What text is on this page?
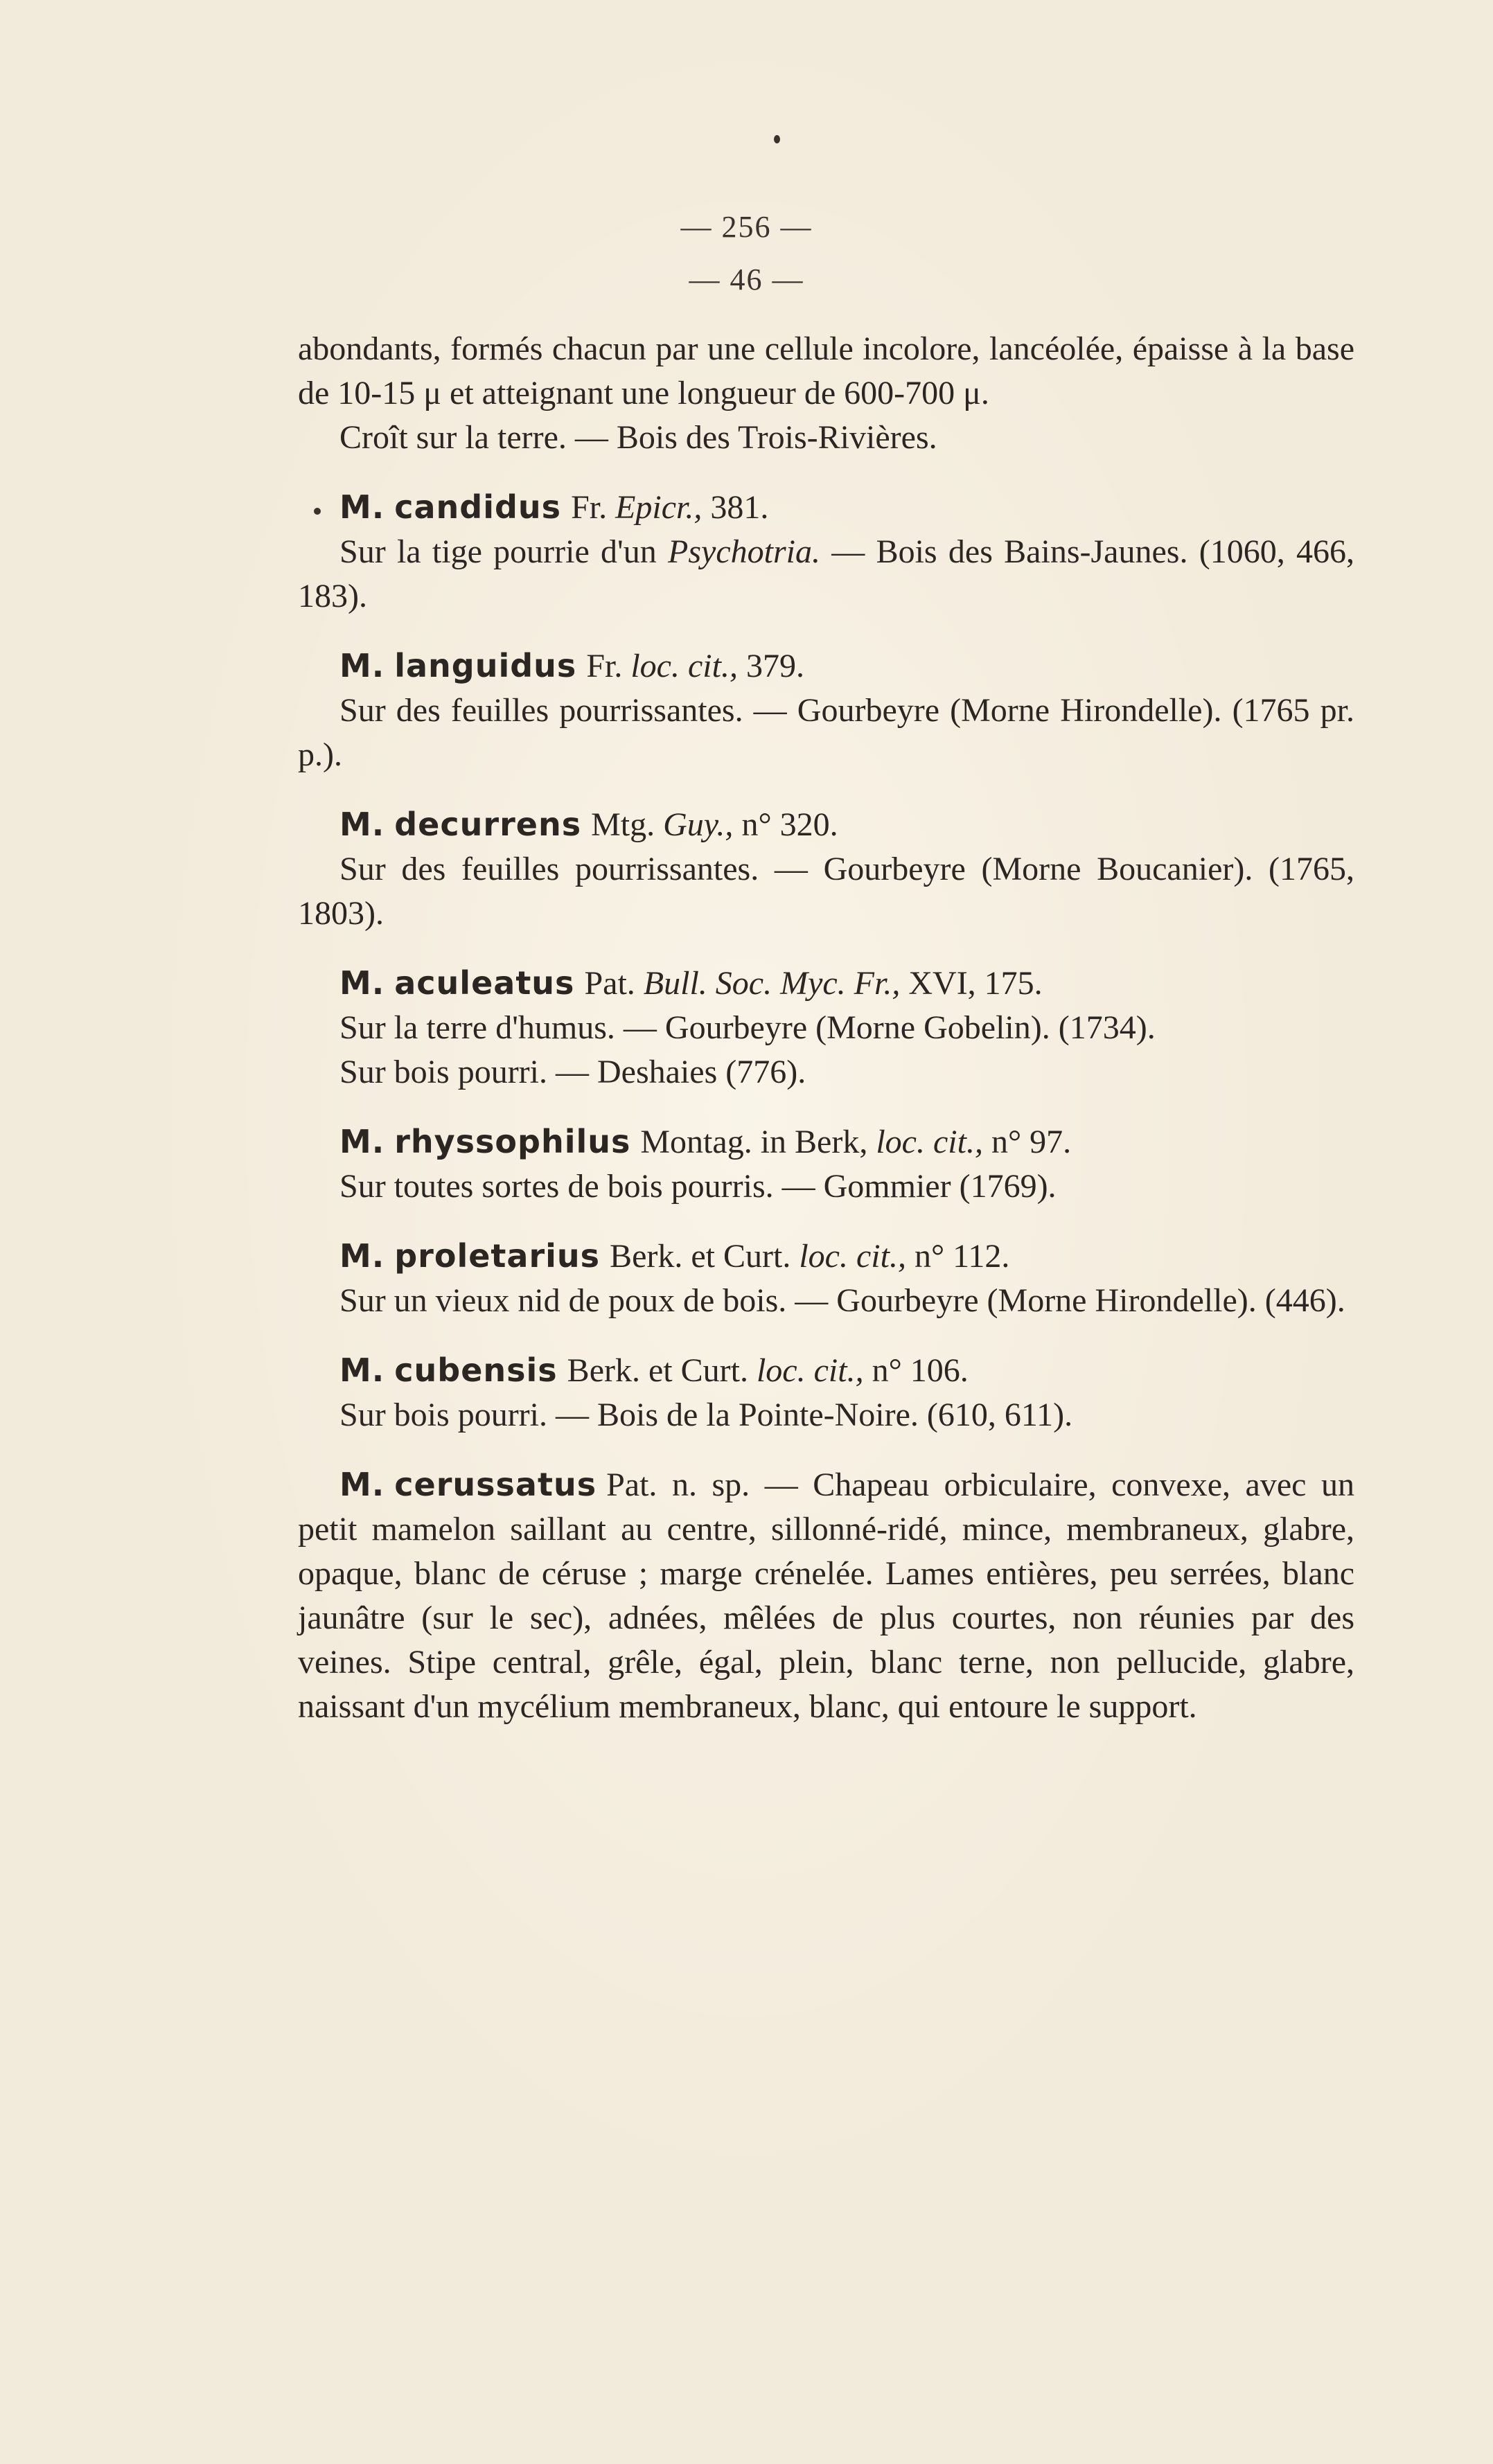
— 256 —
— 46 —

abondants, formés chacun par une cellule incolore, lancéolée, épaisse à la base de 10-15 μ et atteignant une longueur de 600-700 μ.

Croît sur la terre. — Bois des Trois-Rivières.

M. candidus Fr. Epicr., 381.

Sur la tige pourrie d'un Psychotria. — Bois des Bains-Jaunes. (1060, 466, 183).

M. languidus Fr. loc. cit., 379.

Sur des feuilles pourrissantes. — Gourbeyre (Morne Hirondelle). (1765 pr. p.).

M. decurrens Mtg. Guy., n° 320.

Sur des feuilles pourrissantes. — Gourbeyre (Morne Boucanier). (1765, 1803).

M. aculeatus Pat. Bull. Soc. Myc. Fr., XVI, 175.

Sur la terre d'humus. — Gourbeyre (Morne Gobelin). (1734).

Sur bois pourri. — Deshaies (776).

M. rhyssophilus Montag. in Berk, loc. cit., n° 97.

Sur toutes sortes de bois pourris. — Gommier (1769).

M. proletarius Berk. et Curt. loc. cit., n° 112.

Sur un vieux nid de poux de bois. — Gourbeyre (Morne Hirondelle). (446).

M. cubensis Berk. et Curt. loc. cit., n° 106.

Sur bois pourri. — Bois de la Pointe-Noire. (610, 611).

M. cerussatus Pat. n. sp. — Chapeau orbiculaire, convexe, avec un petit mamelon saillant au centre, sillonné-ridé, mince, membraneux, glabre, opaque, blanc de céruse ; marge crénelée. Lames entières, peu serrées, blanc jaunâtre (sur le sec), adnées, mêlées de plus courtes, non réunies par des veines. Stipe central, grêle, égal, plein, blanc terne, non pellucide, glabre, naissant d'un mycélium membraneux, blanc, qui entoure le support.
